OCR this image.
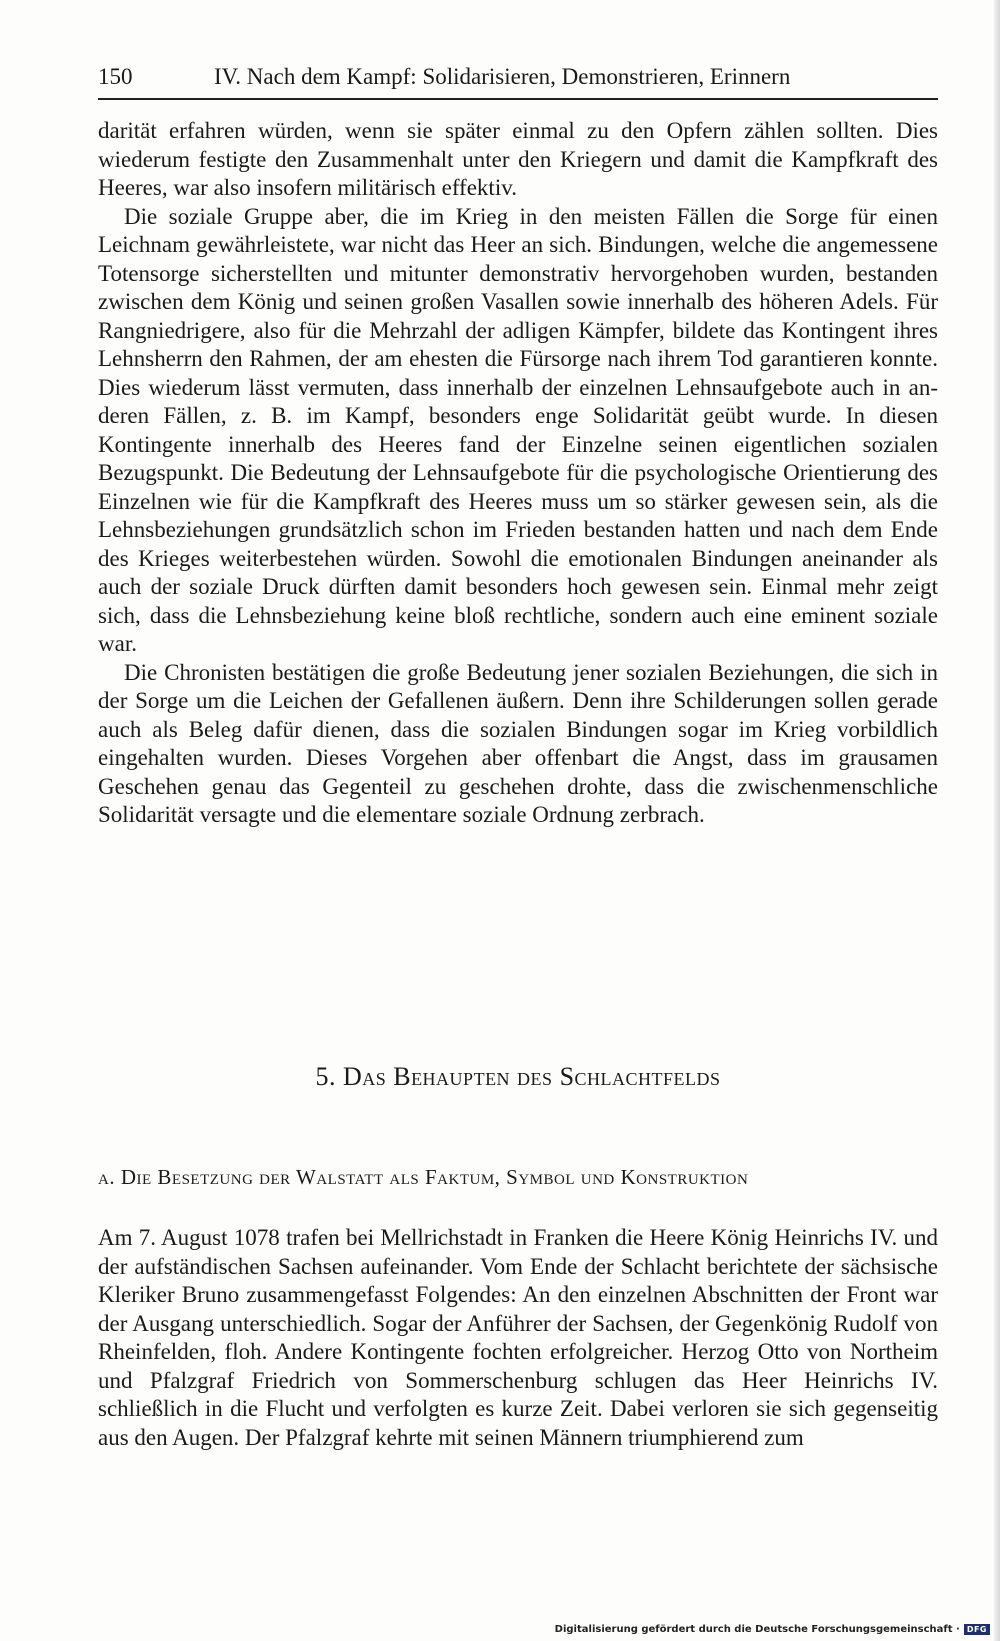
150	IV. Nach dem Kampf: Solidarisieren, Demonstrieren, Erinnern

darität erfahren würden, wenn sie später einmal zu den Opfern zählen sollten. Dies wiederum festigte den Zusammenhalt unter den Kriegern und damit die Kampfkraft des Heeres, war also insofern militärisch effektiv.

Die soziale Gruppe aber, die im Krieg in den meisten Fällen die Sorge für einen Leichnam gewährleistete, war nicht das Heer an sich. Bindungen, welche die angemessene Totensorge sicherstellten und mitunter demonstrativ hervorgehoben wurden, bestanden zwischen dem König und seinen großen Vasallen sowie innerhalb des höheren Adels. Für Rangniedrigere, also für die Mehrzahl der adligen Kämpfer, bildete das Kontingent ihres Lehnsherrn den Rahmen, der am ehesten die Fürsorge nach ihrem Tod garantieren konnte. Dies wiederum lässt vermuten, dass innerhalb der einzelnen Lehnsaufgebote auch in anderen Fällen, z. B. im Kampf, besonders enge Solidarität geübt wurde. In diesen Kontingente innerhalb des Heeres fand der Einzelne seinen eigentlichen sozialen Bezugspunkt. Die Bedeutung der Lehnsaufgebote für die psychologische Orientierung des Einzelnen wie für die Kampfkraft des Heeres muss um so stärker gewesen sein, als die Lehnsbeziehungen grundsätzlich schon im Frieden bestanden hatten und nach dem Ende des Krieges weiterbestehen würden. Sowohl die emotionalen Bindungen aneinander als auch der soziale Druck dürften damit besonders hoch gewesen sein. Einmal mehr zeigt sich, dass die Lehnsbeziehung keine bloß rechtliche, sondern auch eine eminent soziale war.

Die Chronisten bestätigen die große Bedeutung jener sozialen Beziehungen, die sich in der Sorge um die Leichen der Gefallenen äußern. Denn ihre Schilderungen sollen gerade auch als Beleg dafür dienen, dass die sozialen Bindungen sogar im Krieg vorbildlich eingehalten wurden. Dieses Vorgehen aber offenbart die Angst, dass im grausamen Geschehen genau das Gegenteil zu geschehen drohte, dass die zwischenmenschliche Solidarität versagte und die elementare soziale Ordnung zerbrach.

5. Das Behaupten des Schlachtfelds
a. Die Besetzung der Walstatt als Faktum, Symbol und Konstruktion

Am 7. August 1078 trafen bei Mellrichstadt in Franken die Heere König Heinrichs IV. und der aufständischen Sachsen aufeinander. Vom Ende der Schlacht berichtete der sächsische Kleriker Bruno zusammengefasst Folgendes: An den einzelnen Abschnitten der Front war der Ausgang unterschiedlich. Sogar der Anführer der Sachsen, der Gegenkönig Rudolf von Rheinfelden, floh. Andere Kontingente fochten erfolgreicher. Herzog Otto von Northeim und Pfalzgraf Friedrich von Sommerschenburg schlugen das Heer Heinrichs IV. schließlich in die Flucht und verfolgten es kurze Zeit. Dabei verloren sie sich gegenseitig aus den Augen. Der Pfalzgraf kehrte mit seinen Männern triumphierend zum

Digitalisierung gefördert durch die Deutsche Forschungsgemeinschaft · DFG
